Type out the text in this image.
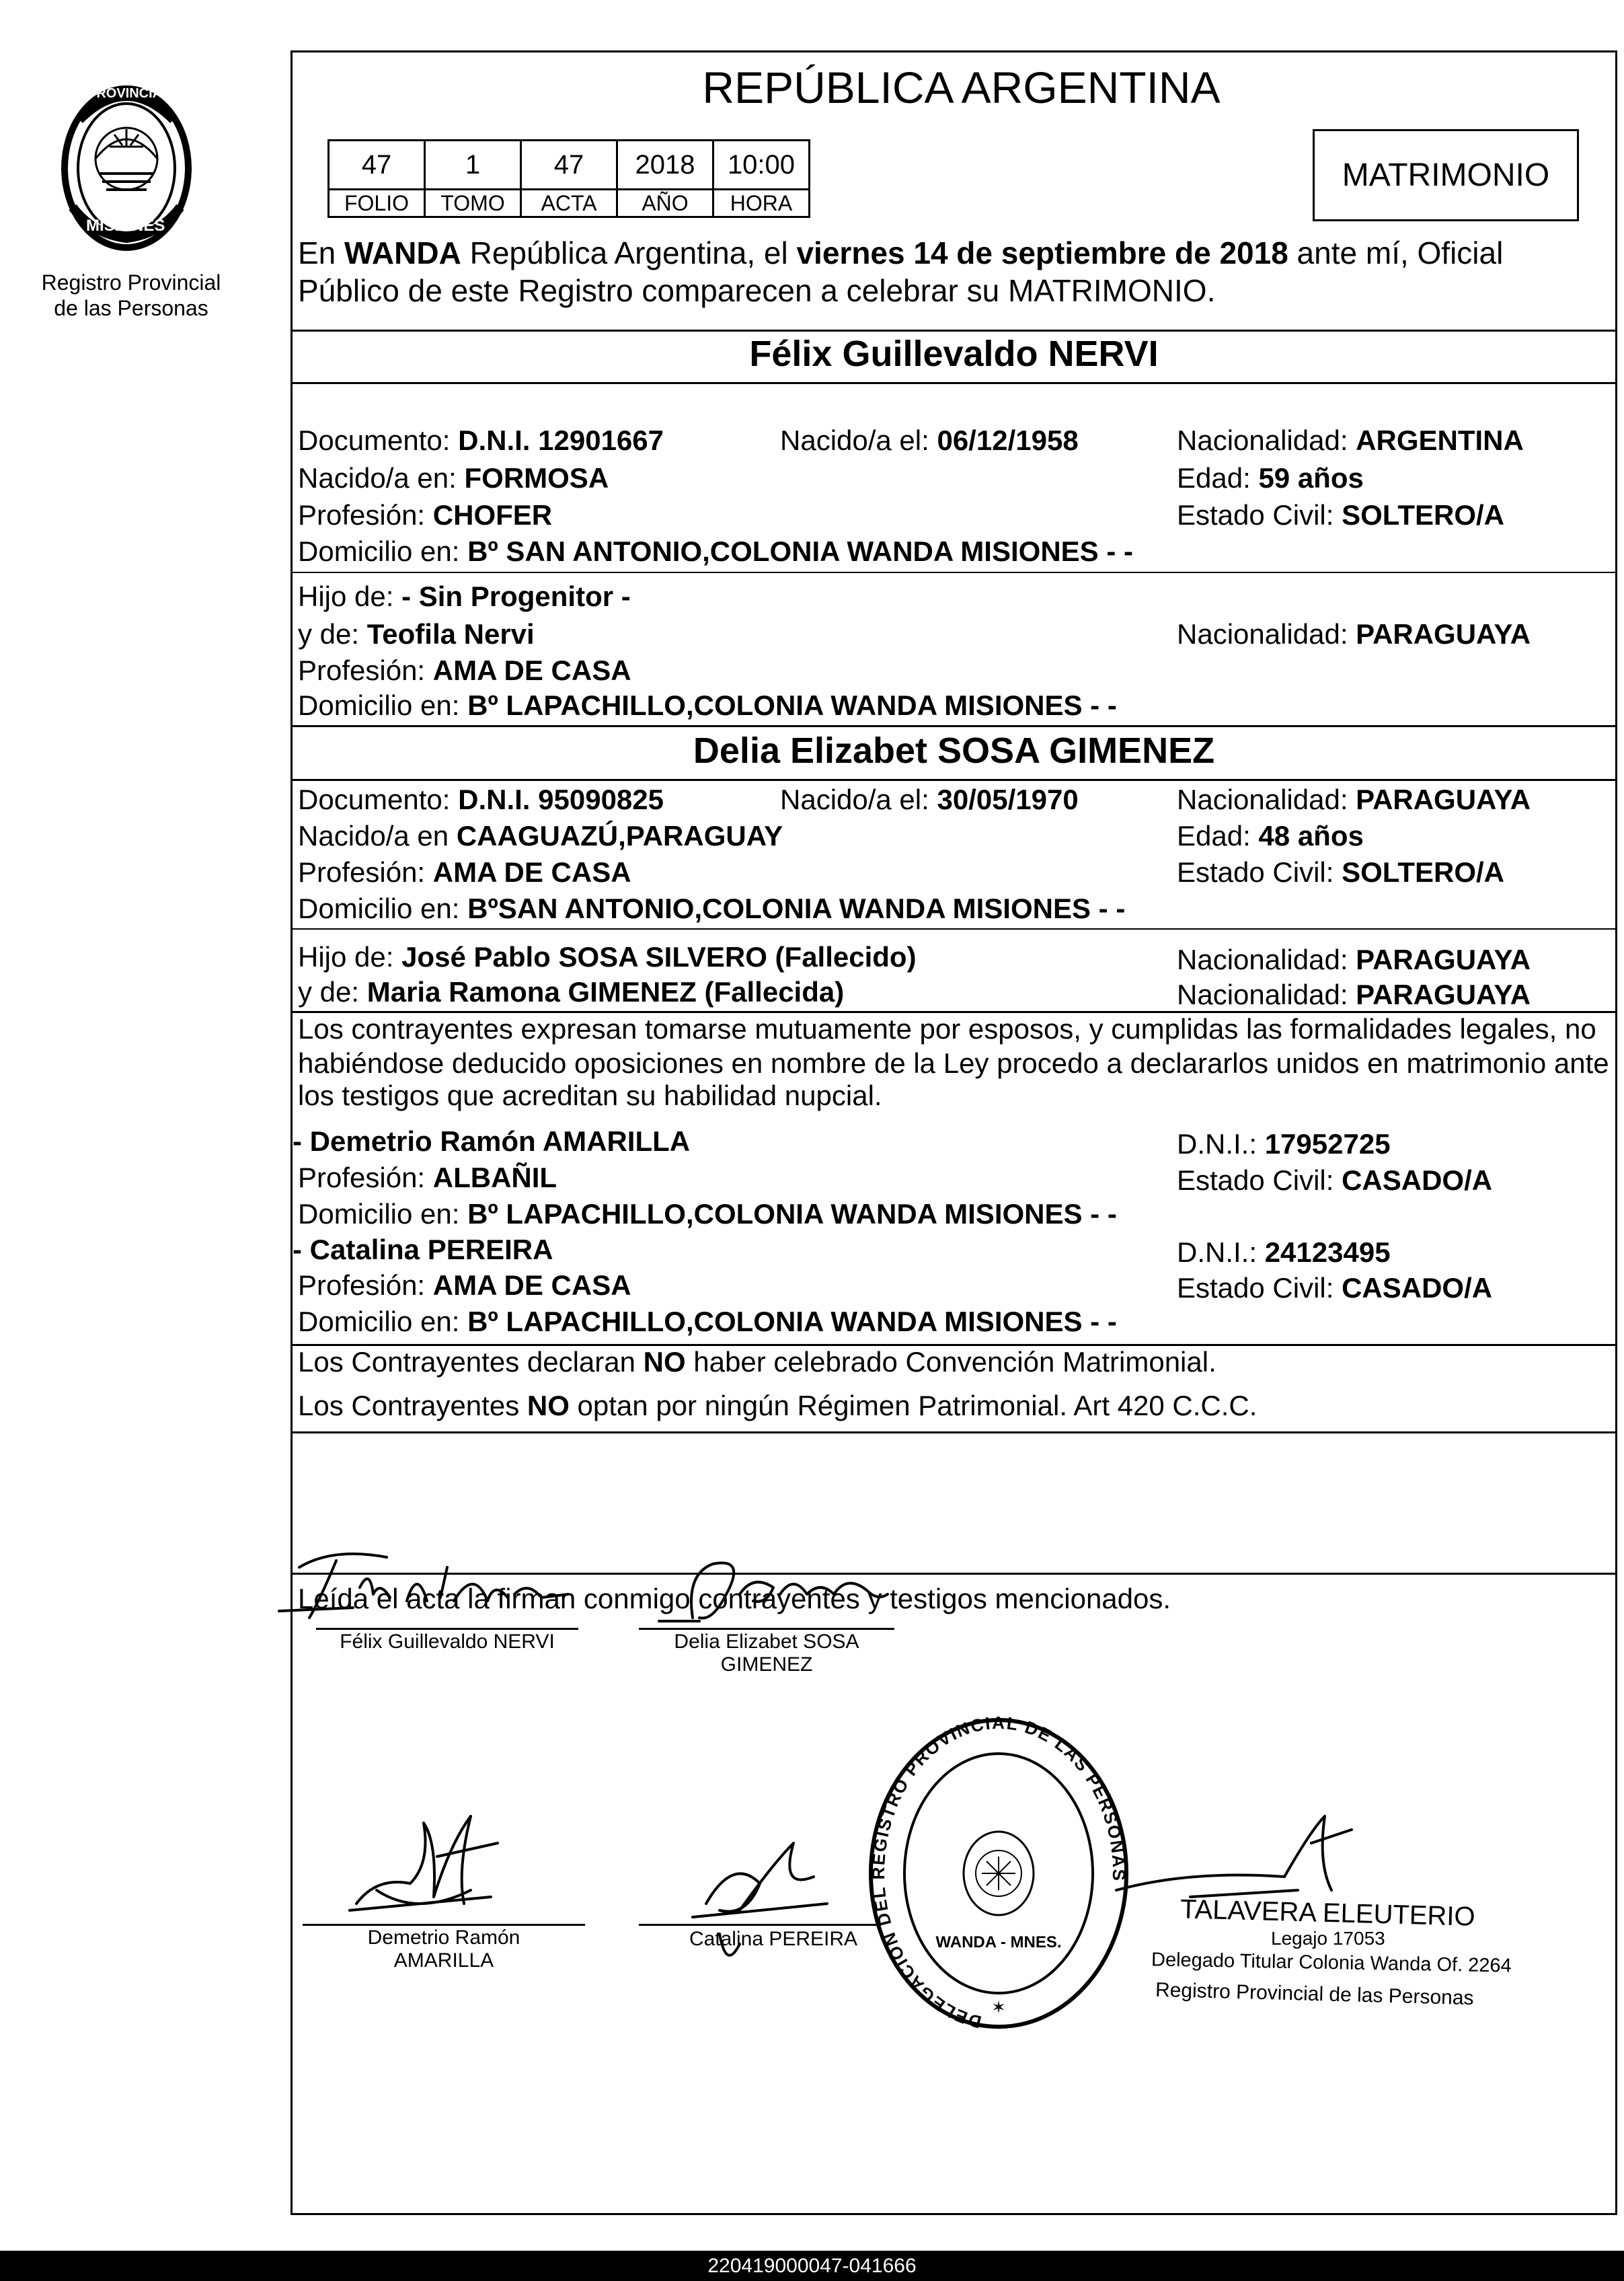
PROVINCIA DE
MISIONES
Registro Provincial
de las Personas
REPÚBLICA ARGENTINA
47	1	47	2018	10:00
FOLIO	TOMO	ACTA	AÑO	HORA
MATRIMONIO
En WANDA República Argentina, el viernes 14 de septiembre de 2018 ante mí, Oficial
Público de este Registro comparecen a celebrar su MATRIMONIO.
Félix Guillevaldo NERVI
Documento: D.N.I. 12901667	Nacido/a el: 06/12/1958	Nacionalidad: ARGENTINA
Nacido/a en: FORMOSA	Edad: 59 años
Profesión: CHOFER	Estado Civil: SOLTERO/A
Domicilio en: Bº SAN ANTONIO,COLONIA WANDA MISIONES - -
Hijo de: - Sin Progenitor -
y de: Teofila Nervi	Nacionalidad: PARAGUAYA
Profesión: AMA DE CASA
Domicilio en: Bº LAPACHILLO,COLONIA WANDA MISIONES - -
Delia Elizabet SOSA GIMENEZ
Documento: D.N.I. 95090825	Nacido/a el: 30/05/1970	Nacionalidad: PARAGUAYA
Nacido/a en CAAGUAZÚ,PARAGUAY	Edad: 48 años
Profesión: AMA DE CASA	Estado Civil: SOLTERO/A
Domicilio en: BºSAN ANTONIO,COLONIA WANDA MISIONES - -
Hijo de: José Pablo SOSA SILVERO (Fallecido)	Nacionalidad: PARAGUAYA
y de: Maria Ramona GIMENEZ (Fallecida)	Nacionalidad: PARAGUAYA
Los contrayentes expresan tomarse mutuamente por esposos, y cumplidas las formalidades legales, no
habiéndose deducido oposiciones en nombre de la Ley procedo a declararlos unidos en matrimonio ante
los testigos que acreditan su habilidad nupcial.
- Demetrio Ramón AMARILLA	D.N.I.: 17952725
Profesión: ALBAÑIL	Estado Civil: CASADO/A
Domicilio en: Bº LAPACHILLO,COLONIA WANDA MISIONES - -
- Catalina PEREIRA	D.N.I.: 24123495
Profesión: AMA DE CASA	Estado Civil: CASADO/A
Domicilio en: Bº LAPACHILLO,COLONIA WANDA MISIONES - -
Los Contrayentes declaran NO haber celebrado Convención Matrimonial.
Los Contrayentes NO optan por ningún Régimen Patrimonial. Art 420 C.C.C.
Leída el acta la firman conmigo contrayentes y testigos mencionados.
Félix Guillevaldo NERVI	Delia Elizabet SOSA
GIMENEZ
Demetrio Ramón
AMARILLA
Catalina PEREIRA
DELEGACION DEL REGISTRO PROVINCIAL DE LAS PERSONAS
WANDA - MNES.
✶
TALAVERA ELEUTERIO
Legajo 17053
Delegado Titular Colonia Wanda Of. 2264
Registro Provincial de las Personas
220419000047-041666
